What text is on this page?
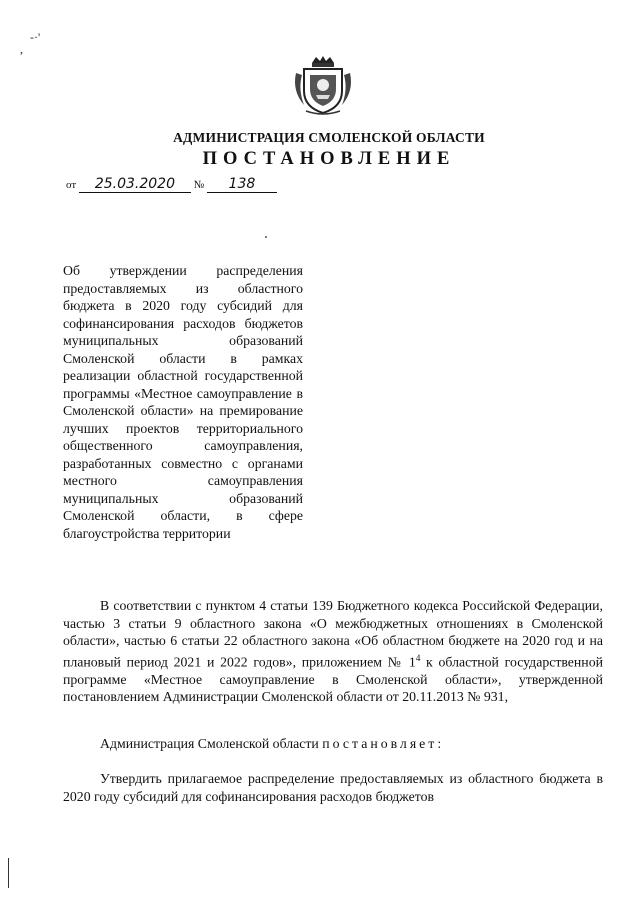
-·'
,
АДМИНИСТРАЦИЯ СМОЛЕНСКОЙ ОБЛАСТИ
ПОСТАНОВЛЕНИЕ
от 25.03.2020 № 138
Об утверждении распределения предоставляемых из областного бюджета в 2020 году субсидий для софинансирования расходов бюджетов муниципальных образований Смоленской области в рамках реализации областной государственной программы «Местное самоуправление в Смоленской области» на премирование лучших проектов территориального общественного самоуправления, разработанных совместно с органами местного самоуправления муниципальных образований Смоленской области, в сфере благоустройства территории
В соответствии с пунктом 4 статьи 139 Бюджетного кодекса Российской Федерации, частью 3 статьи 9 областного закона «О межбюджетных отношениях в Смоленской области», частью 6 статьи 22 областного закона «Об областном бюджете на 2020 год и на плановый период 2021 и 2022 годов», приложением № $1^4$ к областной государственной программе «Местное самоуправление в Смоленской области», утвержденной постановлением Администрации Смоленской области от 20.11.2013 № 931,
Администрация Смоленской области постановляет:
Утвердить прилагаемое распределение предоставляемых из областного бюджета в 2020 году субсидий для софинансирования расходов бюджетов
